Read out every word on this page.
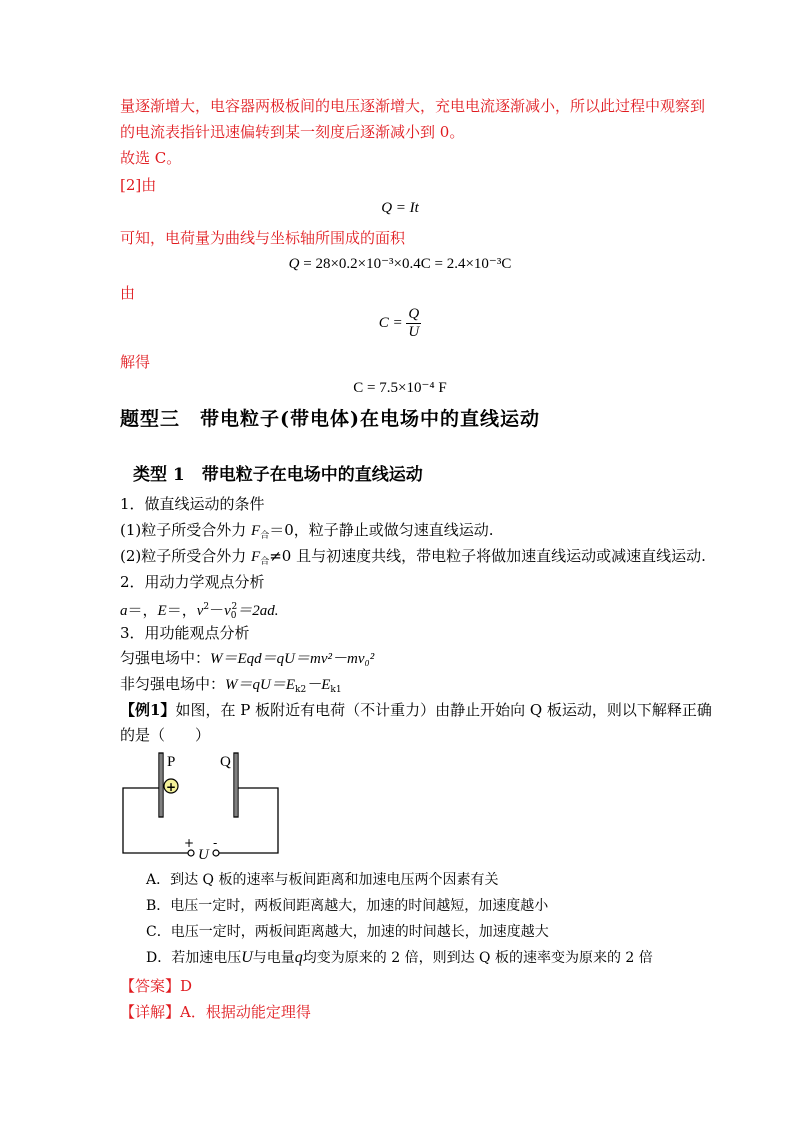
量逐渐增大，电容器两极板间的电压逐渐增大，充电电流逐渐减小，所以此过程中观察到
的电流表指针迅速偏转到某一刻度后逐渐减小到 0。
故选 C。
[2]由
Q = It
可知，电荷量为曲线与坐标轴所围成的面积
Q = 28×0.2×10⁻³×0.4C = 2.4×10⁻³C
由
$C = \frac{Q}{U}$
解得
C = 7.5×10⁻⁴ F
题型三　带电粒子(带电体)在电场中的直线运动
类型 1　带电粒子在电场中的直线运动
1．做直线运动的条件
(1)粒子所受合外力 $F_合=0$，粒子静止或做匀速直线运动.
(2)粒子所受合外力 $F_合\ne 0$ 且与初速度共线，带电粒子将做加速直线运动或减速直线运动.
2．用动力学观点分析
a＝，E＝，$v^2-v_0^2=2ad$.
3．用功能观点分析
匀强电场中：W＝Eqd＝qU＝mv²－mv₀²
非匀强电场中：$W=qU=E_{k2}-E_{k1}$
【例1】如图，在 P 板附近有电荷（不计重力）由静止开始向 Q 板运动，则以下解释正确
的是（　　）
P	Q
+
+ -
U
A．到达 Q 板的速率与板间距离和加速电压两个因素有关
B．电压一定时，两板间距离越大，加速的时间越短，加速度越小
C．电压一定时，两板间距离越大，加速的时间越长，加速度越大
D．若加速电压U与电量q均变为原来的 2 倍，则到达 Q 板的速率变为原来的 2 倍
【答案】D
【详解】A．根据动能定理得
